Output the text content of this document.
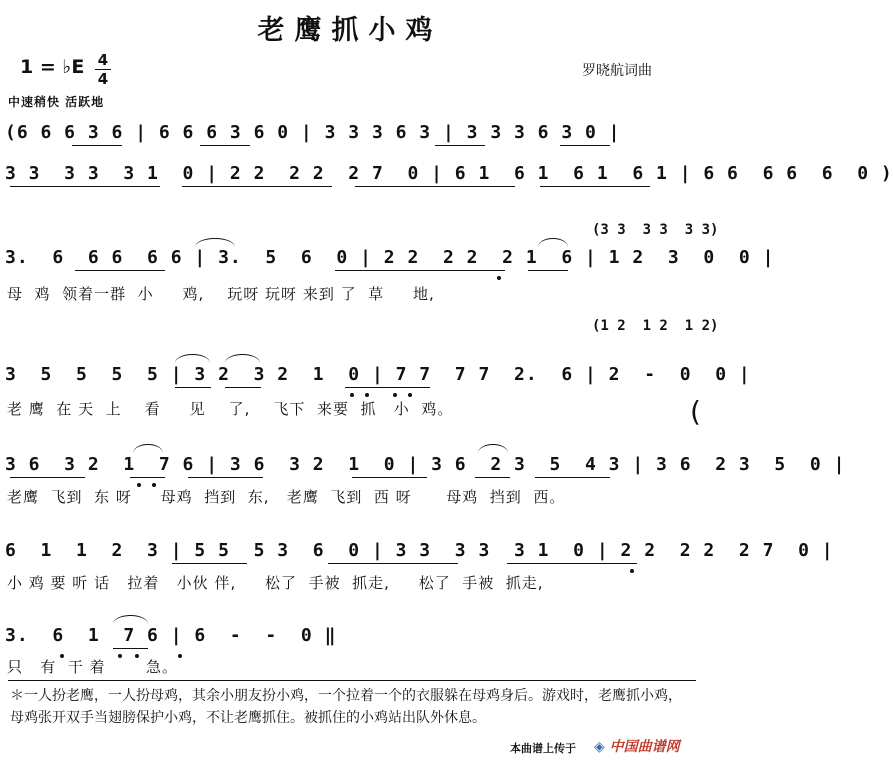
老鹰抓小鸡
1 = ♭E 4
4	罗晓航词曲
中速稍快 活跃地
(6 6 6 3 6 | 6 6 6 3 6 0 | 3 3 3 6 3 | 3 3 3 6 3 0 |
3 3  3 3  3 1  0 | 2 2  2 2  2 7  0 | 6 1  6 1  6 1  6 1 | 6 6  6 6  6  0 )
(3 3  3 3  3 3)
3.  6  6 6  6 6 | 3.  5  6  0 | 2 2  2 2  2 1  6 | 1 2  3  0  0 |
母  鸡  领着一群  小     鸡,    玩呀 玩呀 来到 了  草     地,
(1 2  1 2  1 2)
(
3  5  5  5  5 | 3 2  3 2  1  0 | 7 7  7 7  2.  6 | 2  -  0  0 |
老 鹰  在 天  上    看     见    了,    飞下  来要  抓   小  鸡。
3 6  3 2  1  7 6 | 3 6  3 2  1  0 | 3 6  2 3  5  4 3 | 3 6  2 3  5  0 |
老鹰  飞到  东 呀     母鸡  挡到  东,   老鹰  飞到  西 呀      母鸡  挡到  西。
6  1  1  2  3 | 5 5  5 3  6  0 | 3 3  3 3  3 1  0 | 2 2  2 2  2 7  0 |
小 鸡 要 听 话   拉着   小伙 伴,     松了  手被  抓走,     松了  手被  抓走,
3.  6  1  7 6 | 6  -  -  0 ‖
只   有  干 着       急。
＊一人扮老鹰，一人扮母鸡，其余小朋友扮小鸡，一个拉着一个的衣服躲在母鸡身后。游戏时，老鹰抓小鸡，母鸡张开双手当翅膀保护小鸡，不让老鹰抓住。被抓住的小鸡站出队外休息。
本曲谱上传于 ◈ 中国曲谱网
